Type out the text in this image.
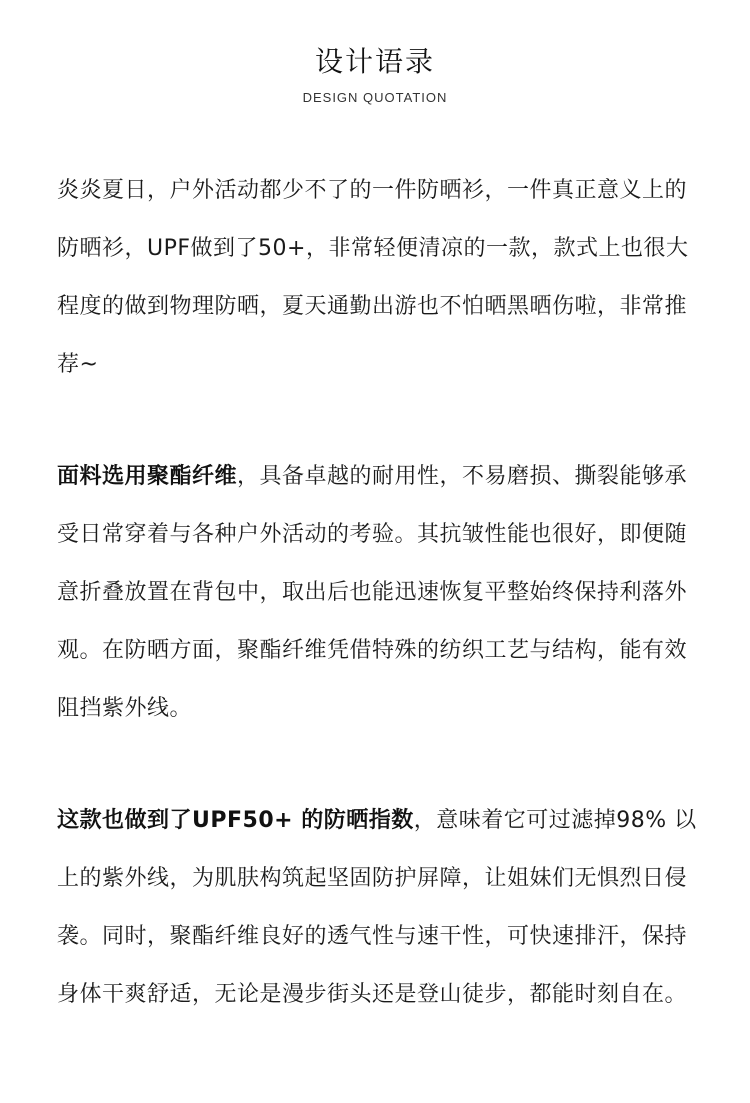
设计语录
DESIGN QUOTATION

炎炎夏日，户外活动都少不了的一件防晒衫，一件真正意义上的防晒衫，UPF做到了50+，非常轻便清凉的一款，款式上也很大程度的做到物理防晒，夏天通勤出游也不怕晒黑晒伤啦，非常推荐~

面料选用聚酯纤维，具备卓越的耐用性，不易磨损、撕裂能够承受日常穿着与各种户外活动的考验。其抗皱性能也很好，即便随意折叠放置在背包中，取出后也能迅速恢复平整始终保持利落外观。在防晒方面，聚酯纤维凭借特殊的纺织工艺与结构，能有效阻挡紫外线。

这款也做到了UPF50+ 的防晒指数，意味着它可过滤掉98% 以上的紫外线，为肌肤构筑起坚固防护屏障，让姐妹们无惧烈日侵袭。同时，聚酯纤维良好的透气性与速干性，可快速排汗，保持身体干爽舒适，无论是漫步街头还是登山徒步，都能时刻自在。
